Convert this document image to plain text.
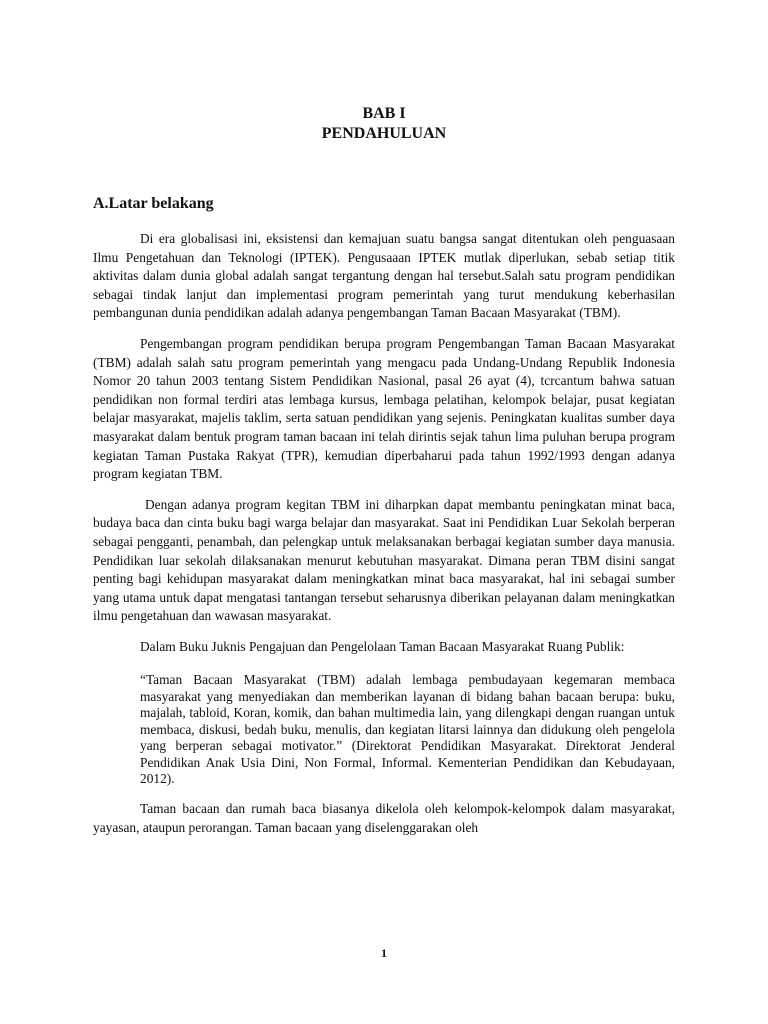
BAB I

PENDAHULUAN

A.Latar belakang

Di era globalisasi ini, eksistensi dan kemajuan suatu bangsa sangat ditentukan oleh penguasaan Ilmu Pengetahuan dan Teknologi (IPTEK). Pengusaaan IPTEK mutlak diperlukan, sebab setiap titik aktivitas dalam dunia global adalah sangat tergantung dengan hal tersebut.Salah satu program pendidikan sebagai tindak lanjut dan implementasi program pemerintah yang turut mendukung keberhasilan pembangunan dunia pendidikan adalah adanya pengembangan Taman Bacaan Masyarakat (TBM).

Pengembangan program pendidikan berupa program Pengembangan Taman Bacaan Masyarakat (TBM) adalah salah satu program pemerintah yang mengacu pada Undang-Undang Republik Indonesia Nomor 20 tahun 2003 tentang Sistem Pendidikan Nasional, pasal 26 ayat (4), tcrcantum bahwa satuan pendidikan non formal terdiri atas lembaga kursus, lembaga pelatihan, kelompok belajar, pusat kegiatan belajar masyarakat, majelis taklim, serta satuan pendidikan yang sejenis. Peningkatan kualitas sumber daya masyarakat dalam bentuk program taman bacaan ini telah dirintis sejak tahun lima puluhan berupa program kegiatan Taman Pustaka Rakyat (TPR), kemudian diperbaharui pada tahun 1992/1993 dengan adanya program kegiatan TBM.

Dengan adanya program kegitan TBM ini diharpkan dapat membantu peningkatan minat baca, budaya baca dan cinta buku bagi warga belajar dan masyarakat. Saat ini Pendidikan Luar Sekolah berperan sebagai pengganti, penambah, dan pelengkap untuk melaksanakan berbagai kegiatan sumber daya manusia. Pendidikan luar sekolah dilaksanakan menurut kebutuhan masyarakat. Dimana peran TBM disini sangat penting bagi kehidupan masyarakat dalam meningkatkan minat baca masyarakat, hal ini sebagai sumber yang utama untuk dapat mengatasi tantangan tersebut seharusnya diberikan pelayanan dalam meningkatkan ilmu pengetahuan dan wawasan masyarakat.

Dalam Buku Juknis Pengajuan dan Pengelolaan Taman Bacaan Masyarakat Ruang Publik:

“Taman Bacaan Masyarakat (TBM) adalah lembaga pembudayaan kegemaran membaca masyarakat yang menyediakan dan memberikan layanan di bidang bahan bacaan berupa: buku, majalah, tabloid, Koran, komik, dan bahan multimedia lain, yang dilengkapi dengan ruangan untuk membaca, diskusi, bedah buku, menulis, dan kegiatan litarsi lainnya dan didukung oleh pengelola yang berperan sebagai motivator.” (Direktorat Pendidikan Masyarakat. Direktorat Jenderal Pendidikan Anak Usia Dini, Non Formal, Informal. Kementerian Pendidikan dan Kebudayaan, 2012).

Taman bacaan dan rumah baca biasanya dikelola oleh kelompok-kelompok dalam masyarakat, yayasan, ataupun perorangan. Taman bacaan yang diselenggarakan oleh

1
